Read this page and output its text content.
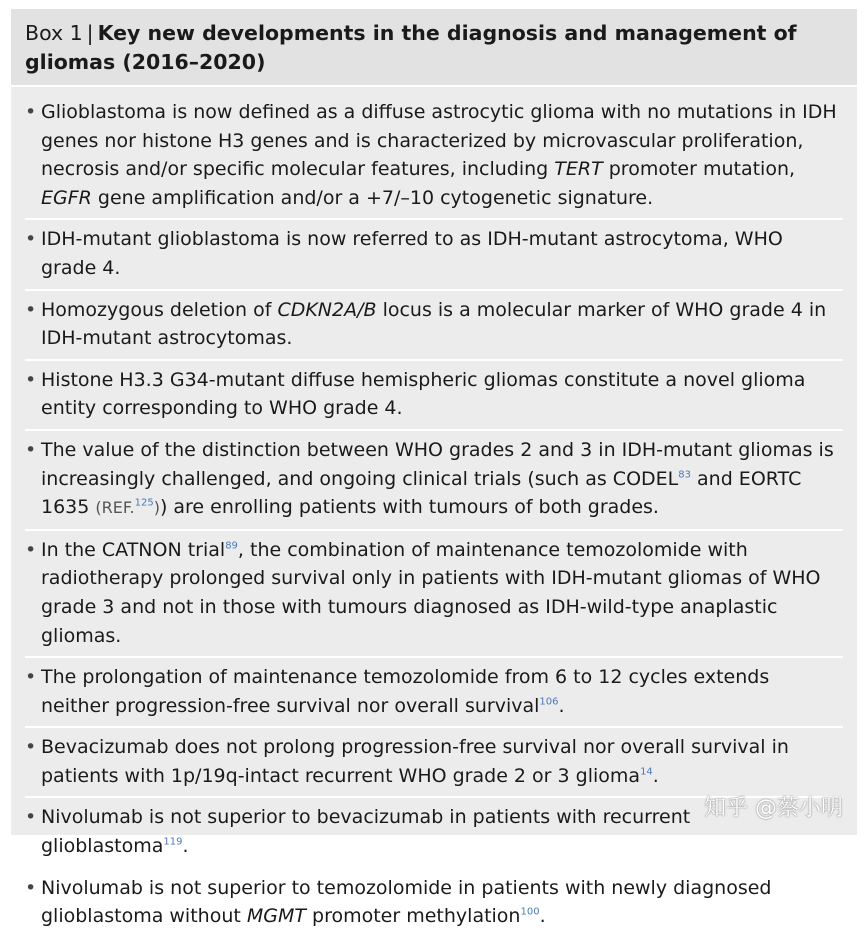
Box 1 | Key new developments in the diagnosis and management of gliomas (2016–2020)
•
Glioblastoma is now defined as a diffuse astrocytic glioma with no mutations in IDH genes nor histone H3 genes and is characterized by microvascular proliferation, necrosis and/or specific molecular features, including TERT promoter mutation, EGFR gene amplification and/or a +7/–10 cytogenetic signature.
•
IDH-mutant glioblastoma is now referred to as IDH-mutant astrocytoma, WHO grade 4.
•
Homozygous deletion of CDKN2A/B locus is a molecular marker of WHO grade 4 in IDH-mutant astrocytomas.
•
Histone H3.3 G34-mutant diffuse hemispheric gliomas constitute a novel glioma entity corresponding to WHO grade 4.
•
The value of the distinction between WHO grades 2 and 3 in IDH-mutant gliomas is increasingly challenged, and ongoing clinical trials (such as CODEL$^{83}$ and EORTC 1635 (REF.$^{125}$)) are enrolling patients with tumours of both grades.
•
In the CATNON trial$^{89}$, the combination of maintenance temozolomide with radiotherapy prolonged survival only in patients with IDH-mutant gliomas of WHO grade 3 and not in those with tumours diagnosed as IDH-wild-type anaplastic gliomas.
•
The prolongation of maintenance temozolomide from 6 to 12 cycles extends neither progression-free survival nor overall survival$^{106}$.
•
Bevacizumab does not prolong progression-free survival nor overall survival in patients with 1p/19q-intact recurrent WHO grade 2 or 3 glioma$^{14}$.
•
Nivolumab is not superior to bevacizumab in patients with recurrent glioblastoma$^{119}$.
•
Nivolumab is not superior to temozolomide in patients with newly diagnosed glioblastoma without MGMT promoter methylation$^{100}$.
知乎 @蔡小明
